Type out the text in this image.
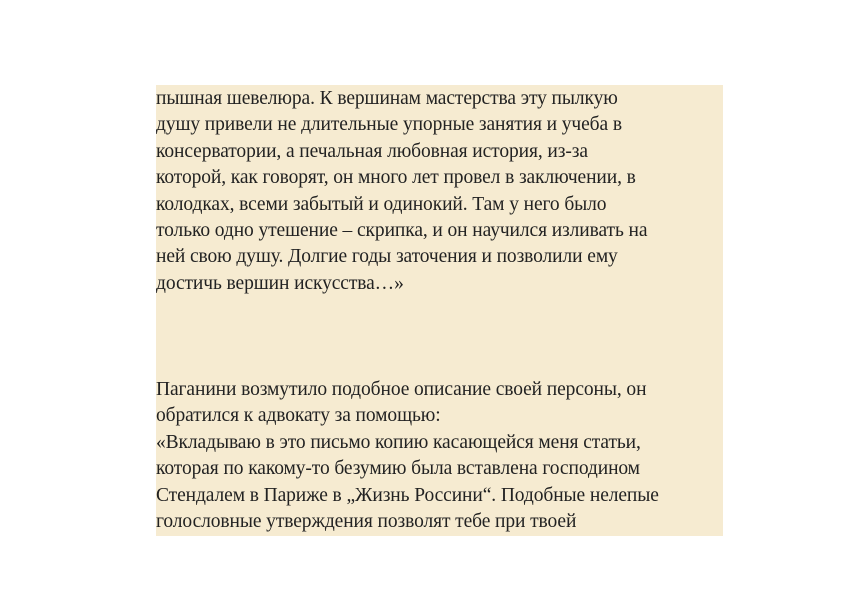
пышная шевелюра. К вершинам мастерства эту пылкую
душу привели не длительные упорные занятия и учеба в
консерватории, а печальная любовная история, из-за
которой, как говорят, он много лет провел в заключении, в
колодках, всеми забытый и одинокий. Там у него было
только одно утешение – скрипка, и он научился изливать на
ней свою душу. Долгие годы заточения и позволили ему
достичь вершин искусства…»
Паганини возмутило подобное описание своей персоны, он
обратился к адвокату за помощью:
«Вкладываю в это письмо копию касающейся меня статьи,
которая по какому-то безумию была вставлена господином
Стендалем в Париже в „Жизнь Россини“. Подобные нелепые
голословные утверждения позволят тебе при твоей
